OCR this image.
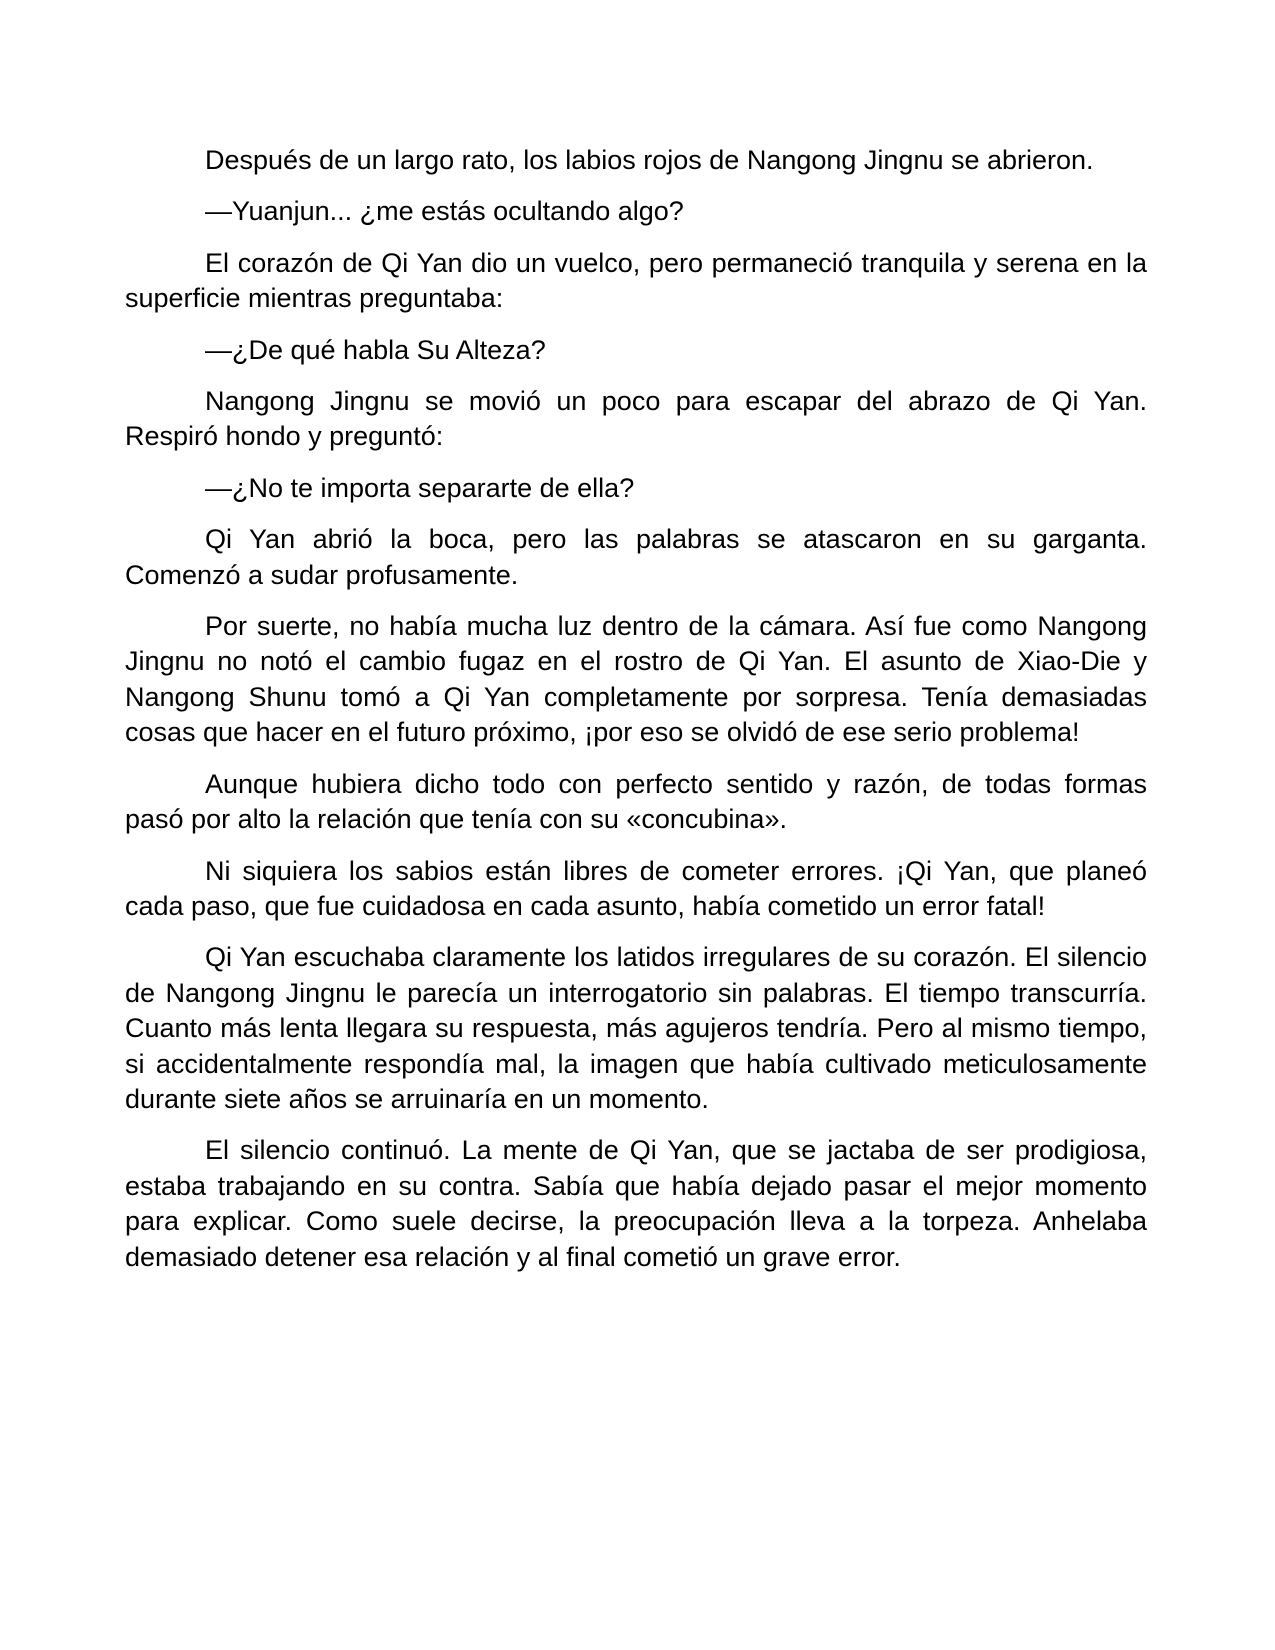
Después de un largo rato, los labios rojos de Nangong Jingnu se abrieron.

—Yuanjun... ¿me estás ocultando algo?

El corazón de Qi Yan dio un vuelco, pero permaneció tranquila y serena en la superficie mientras preguntaba:

—¿De qué habla Su Alteza?

Nangong Jingnu se movió un poco para escapar del abrazo de Qi Yan. Respiró hondo y preguntó:

—¿No te importa separarte de ella?

Qi Yan abrió la boca, pero las palabras se atascaron en su garganta. Comenzó a sudar profusamente.

Por suerte, no había mucha luz dentro de la cámara. Así fue como Nangong Jingnu no notó el cambio fugaz en el rostro de Qi Yan. El asunto de Xiao-Die y Nangong Shunu tomó a Qi Yan completamente por sorpresa. Tenía demasiadas cosas que hacer en el futuro próximo, ¡por eso se olvidó de ese serio problema!

Aunque hubiera dicho todo con perfecto sentido y razón, de todas formas pasó por alto la relación que tenía con su «concubina».

Ni siquiera los sabios están libres de cometer errores. ¡Qi Yan, que planeó cada paso, que fue cuidadosa en cada asunto, había cometido un error fatal!

Qi Yan escuchaba claramente los latidos irregulares de su corazón. El silencio de Nangong Jingnu le parecía un interrogatorio sin palabras. El tiempo transcurría. Cuanto más lenta llegara su respuesta, más agujeros tendría. Pero al mismo tiempo, si accidentalmente respondía mal, la imagen que había cultivado meticulosamente durante siete años se arruinaría en un momento.

El silencio continuó. La mente de Qi Yan, que se jactaba de ser prodigiosa, estaba trabajando en su contra. Sabía que había dejado pasar el mejor momento para explicar. Como suele decirse, la preocupación lleva a la torpeza. Anhelaba demasiado detener esa relación y al final cometió un grave error.
